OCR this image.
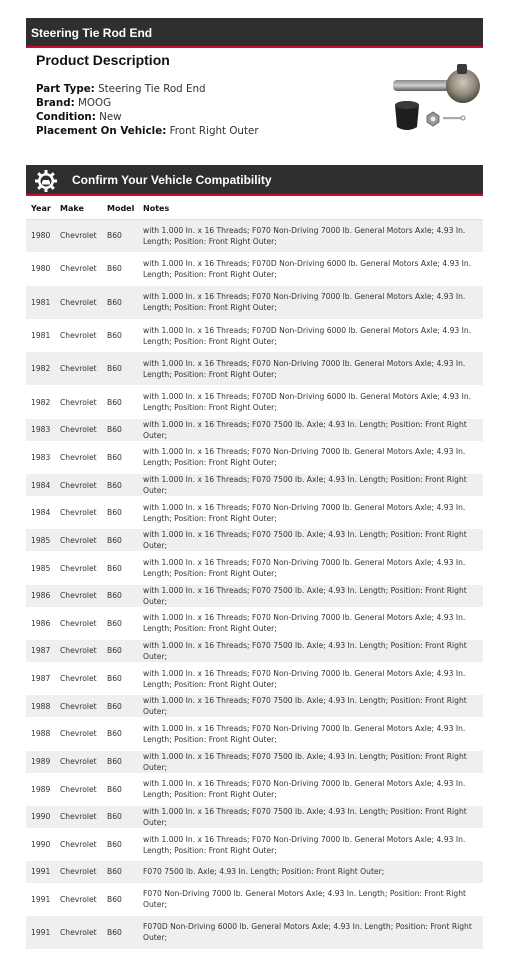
Steering Tie Rod End
Product Description
Part Type: Steering Tie Rod End
Brand: MOOG
Condition: New
Placement On Vehicle: Front Right Outer
Confirm Your Vehicle Compatibility
Year	Make	Model	Notes
1980	Chevrolet	B60	with 1.000 In. x 16 Threads; F070 Non-Driving 7000 lb. General Motors Axle; 4.93 In. Length; Position: Front Right Outer;
1980	Chevrolet	B60	with 1.000 In. x 16 Threads; F070D Non-Driving 6000 lb. General Motors Axle; 4.93 In. Length; Position: Front Right Outer;
1981	Chevrolet	B60	with 1.000 In. x 16 Threads; F070 Non-Driving 7000 lb. General Motors Axle; 4.93 In. Length; Position: Front Right Outer;
1981	Chevrolet	B60	with 1.000 In. x 16 Threads; F070D Non-Driving 6000 lb. General Motors Axle; 4.93 In. Length; Position: Front Right Outer;
1982	Chevrolet	B60	with 1.000 In. x 16 Threads; F070 Non-Driving 7000 lb. General Motors Axle; 4.93 In. Length; Position: Front Right Outer;
1982	Chevrolet	B60	with 1.000 In. x 16 Threads; F070D Non-Driving 6000 lb. General Motors Axle; 4.93 In. Length; Position: Front Right Outer;
1983	Chevrolet	B60	with 1.000 In. x 16 Threads; F070 7500 lb. Axle; 4.93 In. Length; Position: Front Right Outer;
1983	Chevrolet	B60	with 1.000 In. x 16 Threads; F070 Non-Driving 7000 lb. General Motors Axle; 4.93 In. Length; Position: Front Right Outer;
1984	Chevrolet	B60	with 1.000 In. x 16 Threads; F070 7500 lb. Axle; 4.93 In. Length; Position: Front Right Outer;
1984	Chevrolet	B60	with 1.000 In. x 16 Threads; F070 Non-Driving 7000 lb. General Motors Axle; 4.93 In. Length; Position: Front Right Outer;
1985	Chevrolet	B60	with 1.000 In. x 16 Threads; F070 7500 lb. Axle; 4.93 In. Length; Position: Front Right Outer;
1985	Chevrolet	B60	with 1.000 In. x 16 Threads; F070 Non-Driving 7000 lb. General Motors Axle; 4.93 In. Length; Position: Front Right Outer;
1986	Chevrolet	B60	with 1.000 In. x 16 Threads; F070 7500 lb. Axle; 4.93 In. Length; Position: Front Right Outer;
1986	Chevrolet	B60	with 1.000 In. x 16 Threads; F070 Non-Driving 7000 lb. General Motors Axle; 4.93 In. Length; Position: Front Right Outer;
1987	Chevrolet	B60	with 1.000 In. x 16 Threads; F070 7500 lb. Axle; 4.93 In. Length; Position: Front Right Outer;
1987	Chevrolet	B60	with 1.000 In. x 16 Threads; F070 Non-Driving 7000 lb. General Motors Axle; 4.93 In. Length; Position: Front Right Outer;
1988	Chevrolet	B60	with 1.000 In. x 16 Threads; F070 7500 lb. Axle; 4.93 In. Length; Position: Front Right Outer;
1988	Chevrolet	B60	with 1.000 In. x 16 Threads; F070 Non-Driving 7000 lb. General Motors Axle; 4.93 In. Length; Position: Front Right Outer;
1989	Chevrolet	B60	with 1.000 In. x 16 Threads; F070 7500 lb. Axle; 4.93 In. Length; Position: Front Right Outer;
1989	Chevrolet	B60	with 1.000 In. x 16 Threads; F070 Non-Driving 7000 lb. General Motors Axle; 4.93 In. Length; Position: Front Right Outer;
1990	Chevrolet	B60	with 1.000 In. x 16 Threads; F070 7500 lb. Axle; 4.93 In. Length; Position: Front Right Outer;
1990	Chevrolet	B60	with 1.000 In. x 16 Threads; F070 Non-Driving 7000 lb. General Motors Axle; 4.93 In. Length; Position: Front Right Outer;
1991	Chevrolet	B60	F070 7500 lb. Axle; 4.93 In. Length; Position: Front Right Outer;
1991	Chevrolet	B60	F070 Non-Driving 7000 lb. General Motors Axle; 4.93 In. Length; Position: Front Right Outer;
1991	Chevrolet	B60	F070D Non-Driving 6000 lb. General Motors Axle; 4.93 In. Length; Position: Front Right Outer;
